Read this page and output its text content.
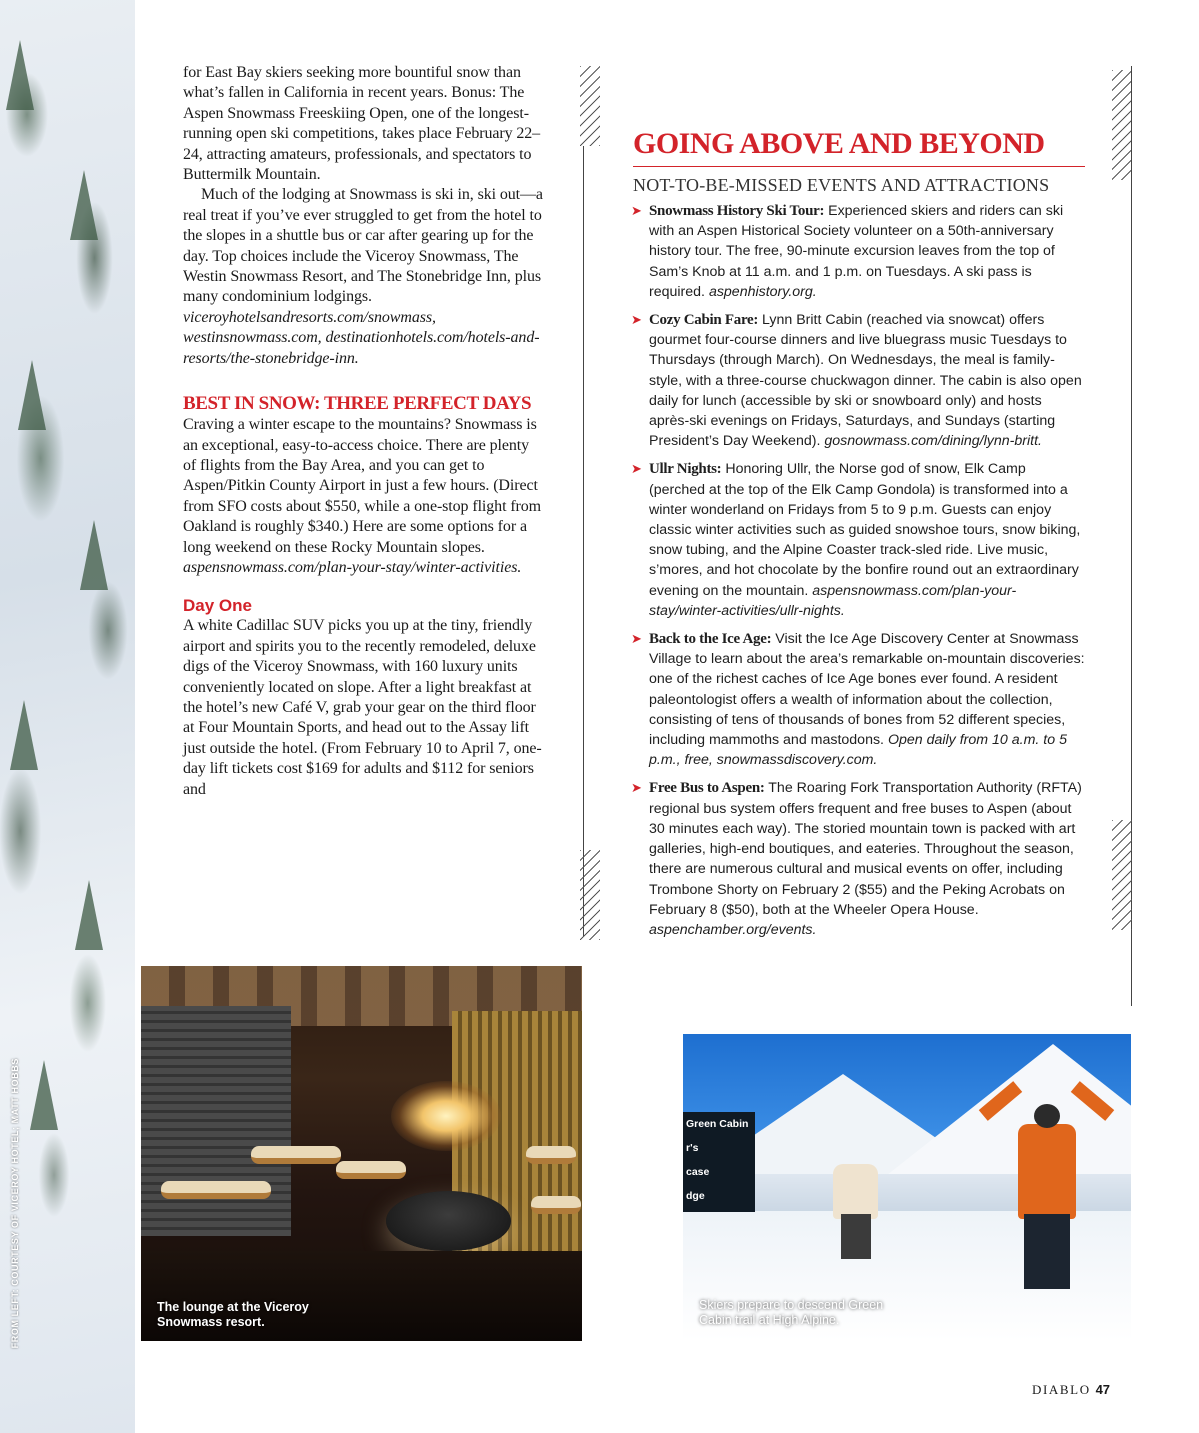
FROM LEFT: COURTESY OF VICEROY HOTEL; MATT HOBBS

for East Bay skiers seeking more bountiful snow than what’s fallen in California in recent years. Bonus: The Aspen Snowmass Freeskiing Open, one of the longest-running open ski competitions, takes place February 22–24, attracting amateurs, professionals, and spectators to Buttermilk Mountain.

Much of the lodging at Snowmass is ski in, ski out—a real treat if you’ve ever struggled to get from the hotel to the slopes in a shuttle bus or car after gearing up for the day. Top choices include the Viceroy Snowmass, The Westin Snowmass Resort, and The Stonebridge Inn, plus many condominium lodgings. viceroyhotelsandresorts.com/snowmass, westinsnowmass.com, destinationhotels.com/hotels-and-resorts/the-stonebridge-inn.

BEST IN SNOW: THREE PERFECT DAYS

Craving a winter escape to the mountains? Snowmass is an exceptional, easy-to-access choice. There are plenty of flights from the Bay Area, and you can get to Aspen/Pitkin County Airport in just a few hours. (Direct from SFO costs about $550, while a one-stop flight from Oakland is roughly $340.) Here are some options for a long weekend on these Rocky Mountain slopes. aspensnowmass.com/plan-your-stay/winter-activities.

Day One

A white Cadillac SUV picks you up at the tiny, friendly airport and spirits you to the recently remodeled, deluxe digs of the Viceroy Snowmass, with 160 luxury units conveniently located on slope. After a light breakfast at the hotel’s new Café V, grab your gear on the third floor at Four Mountain Sports, and head out to the Assay lift just outside the hotel. (From February 10 to April 7, one-day lift tickets cost $169 for adults and $112 for seniors and

GOING ABOVE AND BEYOND
NOT-TO-BE-MISSED EVENTS AND ATTRACTIONS
➤ Snowmass History Ski Tour: Experienced skiers and riders can ski with an Aspen Historical Society volunteer on a 50th-anniversary history tour. The free, 90-minute excursion leaves from the top of Sam’s Knob at 11 a.m. and 1 p.m. on Tuesdays. A ski pass is required. aspenhistory.org.
➤ Cozy Cabin Fare: Lynn Britt Cabin (reached via snowcat) offers gourmet four-course dinners and live bluegrass music Tuesdays to Thursdays (through March). On Wednesdays, the meal is family-style, with a three-course chuckwagon dinner. The cabin is also open daily for lunch (accessible by ski or snowboard only) and hosts après-ski evenings on Fridays, Saturdays, and Sundays (starting President’s Day Weekend). gosnowmass.com/dining/lynn-britt.
➤ Ullr Nights: Honoring Ullr, the Norse god of snow, Elk Camp (perched at the top of the Elk Camp Gondola) is transformed into a winter wonderland on Fridays from 5 to 9 p.m. Guests can enjoy classic winter activities such as guided snowshoe tours, snow biking, snow tubing, and the Alpine Coaster track-sled ride. Live music, s’mores, and hot chocolate by the bonfire round out an extraordinary evening on the mountain. aspensnowmass.com/plan-your-stay/winter-activities/ullr-nights.
➤ Back to the Ice Age: Visit the Ice Age Discovery Center at Snowmass Village to learn about the area’s remarkable on-mountain discoveries: one of the richest caches of Ice Age bones ever found. A resident paleontologist offers a wealth of information about the collection, consisting of tens of thousands of bones from 52 different species, including mammoths and mastodons. Open daily from 10 a.m. to 5 p.m., free, snowmassdiscovery.com.
➤ Free Bus to Aspen: The Roaring Fork Transportation Authority (RFTA) regional bus system offers frequent and free buses to Aspen (about 30 minutes each way). The storied mountain town is packed with art galleries, high-end boutiques, and eateries. Throughout the season, there are numerous cultural and musical events on offer, including Trombone Shorty on February 2 ($55) and the Peking Acrobats on February 8 ($50), both at the Wheeler Opera House. aspenchamber.org/events.
The lounge at the Viceroy Snowmass resort.
Green Cabin
r's
case
dge
Skiers prepare to descend Green Cabin trail at High Alpine.
DIABLO 47
